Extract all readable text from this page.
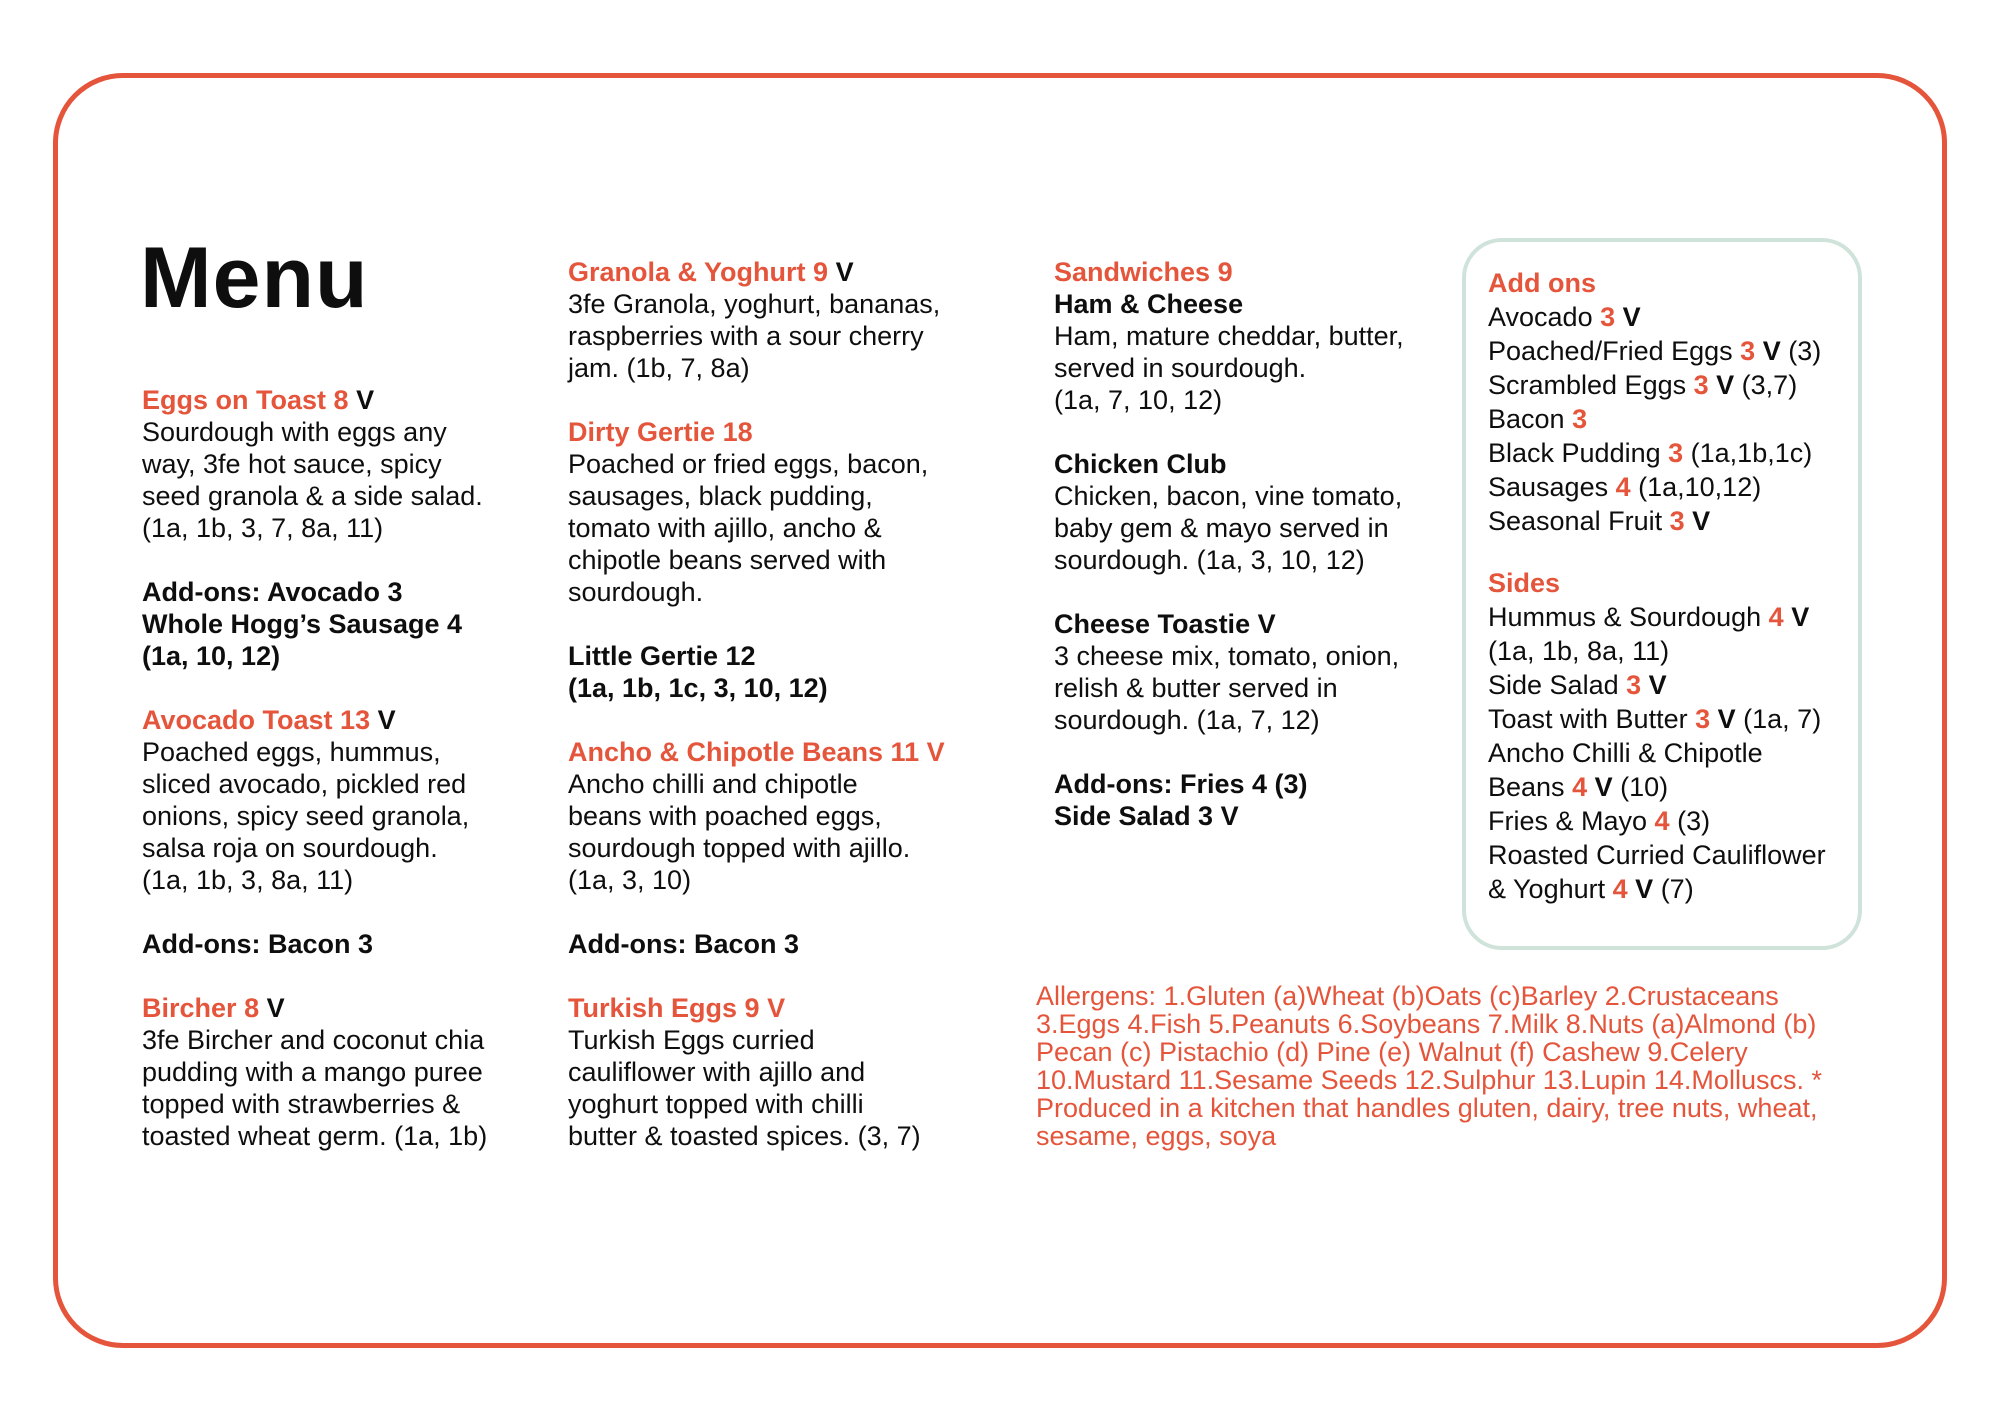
Menu
Eggs on Toast 8 V
Sourdough with eggs any
way, 3fe hot sauce, spicy
seed granola & a side salad.
(1a, 1b, 3, 7, 8a, 11)
Add-ons: Avocado 3
Whole Hogg’s Sausage 4
(1a, 10, 12)
Avocado Toast 13 V
Poached eggs, hummus,
sliced avocado, pickled red
onions, spicy seed granola,
salsa roja on sourdough.
(1a, 1b, 3, 8a, 11)
Add-ons: Bacon 3
Bircher 8 V
3fe Bircher and coconut chia
pudding with a mango puree
topped with strawberries &
toasted wheat germ. (1a, 1b)
Granola & Yoghurt 9 V
3fe Granola, yoghurt, bananas,
raspberries with a sour cherry
jam. (1b, 7, 8a)
Dirty Gertie 18
Poached or fried eggs, bacon,
sausages, black pudding,
tomato with ajillo, ancho &
chipotle beans served with
sourdough.
Little Gertie 12
(1a, 1b, 1c, 3, 10, 12)
Ancho & Chipotle Beans 11 V
Ancho chilli and chipotle
beans with poached eggs,
sourdough topped with ajillo.
(1a, 3, 10)
Add-ons: Bacon 3
Turkish Eggs 9 V
Turkish Eggs curried
cauliflower with ajillo and
yoghurt topped with chilli
butter & toasted spices. (3, 7)
Sandwiches 9
Ham & Cheese
Ham, mature cheddar, butter,
served in sourdough.
(1a, 7, 10, 12)
Chicken Club
Chicken, bacon, vine tomato,
baby gem & mayo served in
sourdough. (1a, 3, 10, 12)
Cheese Toastie V
3 cheese mix, tomato, onion,
relish & butter served in
sourdough. (1a, 7, 12)
Add-ons: Fries 4 (3)
Side Salad 3 V
Add ons
Avocado 3 V
Poached/Fried Eggs 3 V (3)
Scrambled Eggs 3 V (3,7)
Bacon 3
Black Pudding 3 (1a,1b,1c)
Sausages 4 (1a,10,12)
Seasonal Fruit 3 V
Sides
Hummus & Sourdough 4 V
(1a, 1b, 8a, 11)
Side Salad 3 V
Toast with Butter 3 V (1a, 7)
Ancho Chilli & Chipotle
Beans 4 V (10)
Fries & Mayo 4 (3)
Roasted Curried Cauliflower
& Yoghurt 4 V (7)
Allergens: 1.Gluten (a)Wheat (b)Oats (c)Barley 2.Crustaceans
3.Eggs 4.Fish 5.Peanuts 6.Soybeans 7.Milk 8.Nuts (a)Almond (b)
Pecan (c) Pistachio (d) Pine (e) Walnut (f) Cashew 9.Celery
10.Mustard 11.Sesame Seeds 12.Sulphur 13.Lupin 14.Molluscs. *
Produced in a kitchen that handles gluten, dairy, tree nuts, wheat,
sesame, eggs, soya
